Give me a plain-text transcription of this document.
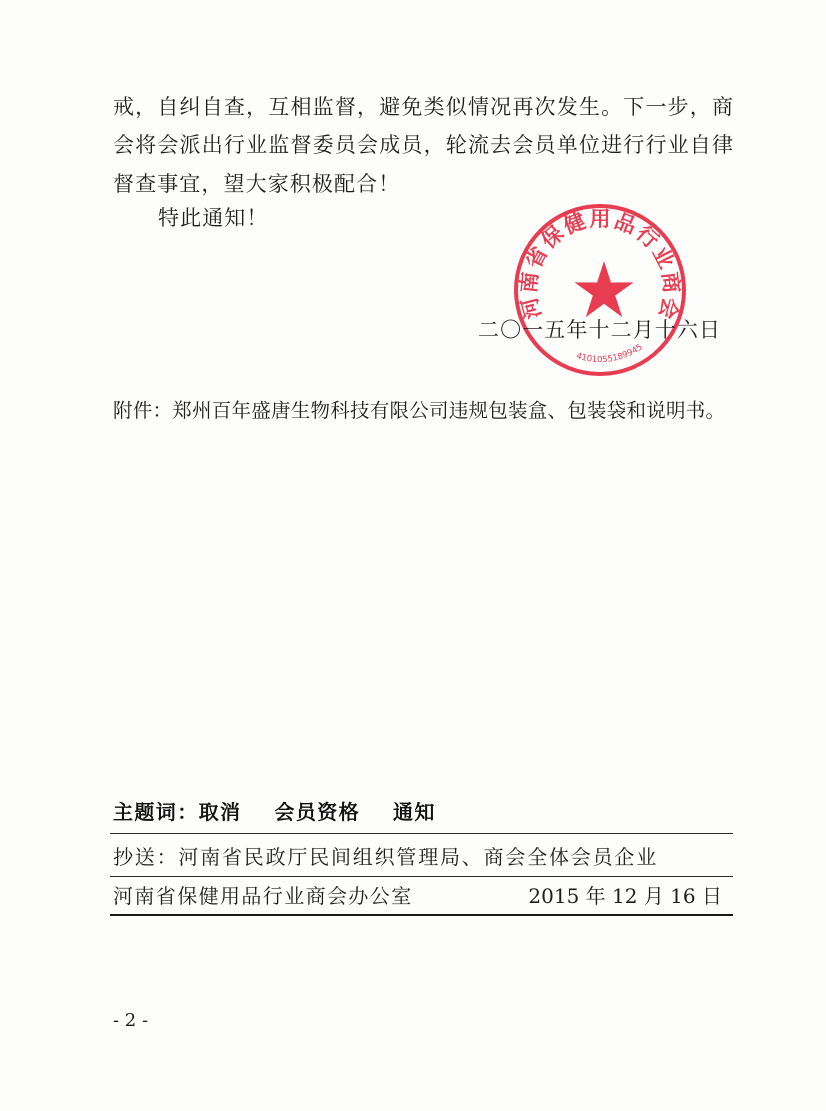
戒，自纠自查，互相监督，避免类似情况再次发生。下一步，商
会将会派出行业监督委员会成员，轮流去会员单位进行行业自律
督查事宜，望大家积极配合！
特此通知！
二〇一五年十二月十六日
河南省保健用品行业商会
4101055189945
附件：郑州百年盛唐生物科技有限公司违规包装盒、包装袋和说明书。
主题词：取消 会员资格 通知
抄送：河南省民政厅民间组织管理局、商会全体会员企业
河南省保健用品行业商会办公室	2015 年 12 月 16 日
- 2 -
